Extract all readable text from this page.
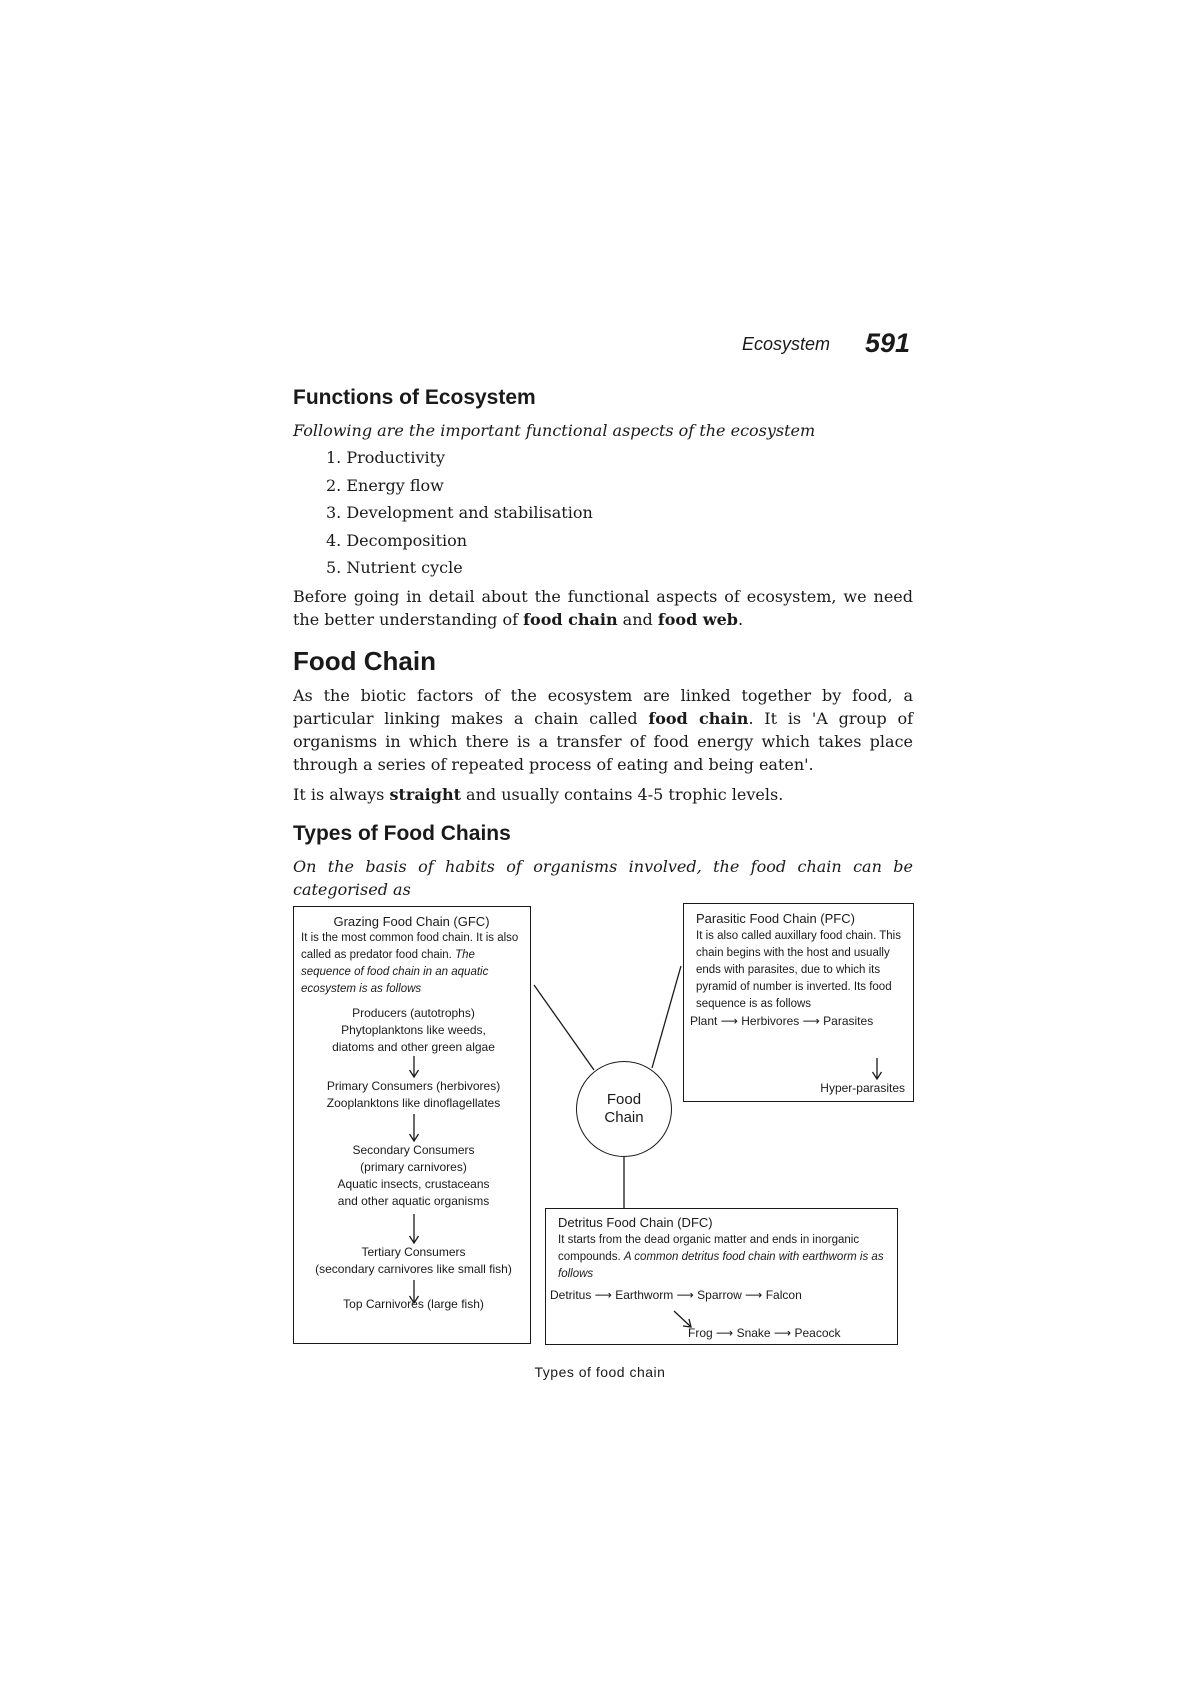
Ecosystem 591
Functions of Ecosystem

Following are the important functional aspects of the ecosystem

1. Productivity
2. Energy flow
3. Development and stabilisation
4. Decomposition
5. Nutrient cycle

Before going in detail about the functional aspects of ecosystem, we need the better understanding of food chain and food web.

Food Chain

As the biotic factors of the ecosystem are linked together by food, a particular linking makes a chain called food chain. It is 'A group of organisms in which there is a transfer of food energy which takes place through a series of repeated process of eating and being eaten'.

It is always straight and usually contains 4-5 trophic levels.

Types of Food Chains

On the basis of habits of organisms involved, the food chain can be categorised as

Grazing Food Chain (GFC)
It is the most common food chain. It is also called as predator food chain. The sequence of food chain in an aquatic ecosystem is as follows
Producers (autotrophs)
Phytoplanktons like weeds,
diatoms and other green algae
Primary Consumers (herbivores)
Zooplanktons like dinoflagellates
Secondary Consumers
(primary carnivores)
Aquatic insects, crustaceans
and other aquatic organisms
Tertiary Consumers
(secondary carnivores like small fish)
Top Carnivores (large fish)
Food
Chain
Parasitic Food Chain (PFC)
It is also called auxillary food chain. This chain begins with the host and usually ends with parasites, due to which its pyramid of number is inverted. Its food sequence is as follows
Plant ⟶ Herbivores ⟶ Parasites
Hyper-parasites
Detritus Food Chain (DFC)
It starts from the dead organic matter and ends in inorganic compounds. A common detritus food chain with earthworm is as follows
Detritus ⟶ Earthworm ⟶ Sparrow ⟶ Falcon
Frog ⟶ Snake ⟶ Peacock
Types of food chain
